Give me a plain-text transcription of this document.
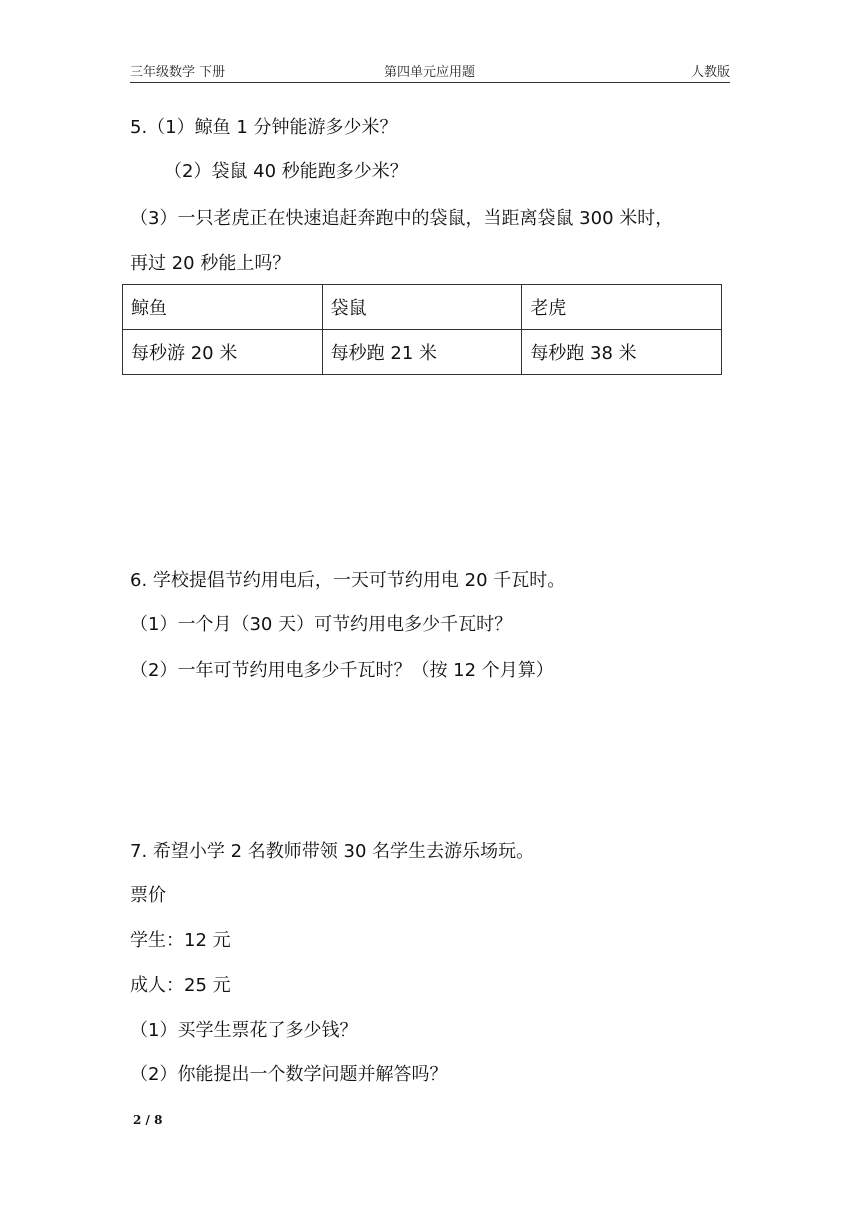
三年级数学 下册	第四单元应用题	人教版
5.（1）鲸鱼 1 分钟能游多少米？
（2）袋鼠 40 秒能跑多少米？
（3）一只老虎正在快速追赶奔跑中的袋鼠，当距离袋鼠 300 米时，
再过 20 秒能上吗？
鲸鱼	袋鼠	老虎
每秒游 20 米	每秒跑 21 米	每秒跑 38 米
6. 学校提倡节约用电后，一天可节约用电 20 千瓦时。
（1）一个月（30 天）可节约用电多少千瓦时？
（2）一年可节约用电多少千瓦时？（按 12 个月算）
7. 希望小学 2 名教师带领 30 名学生去游乐场玩。
票价
学生：12 元
成人：25 元
（1）买学生票花了多少钱？
（2）你能提出一个数学问题并解答吗？
2 / 8
